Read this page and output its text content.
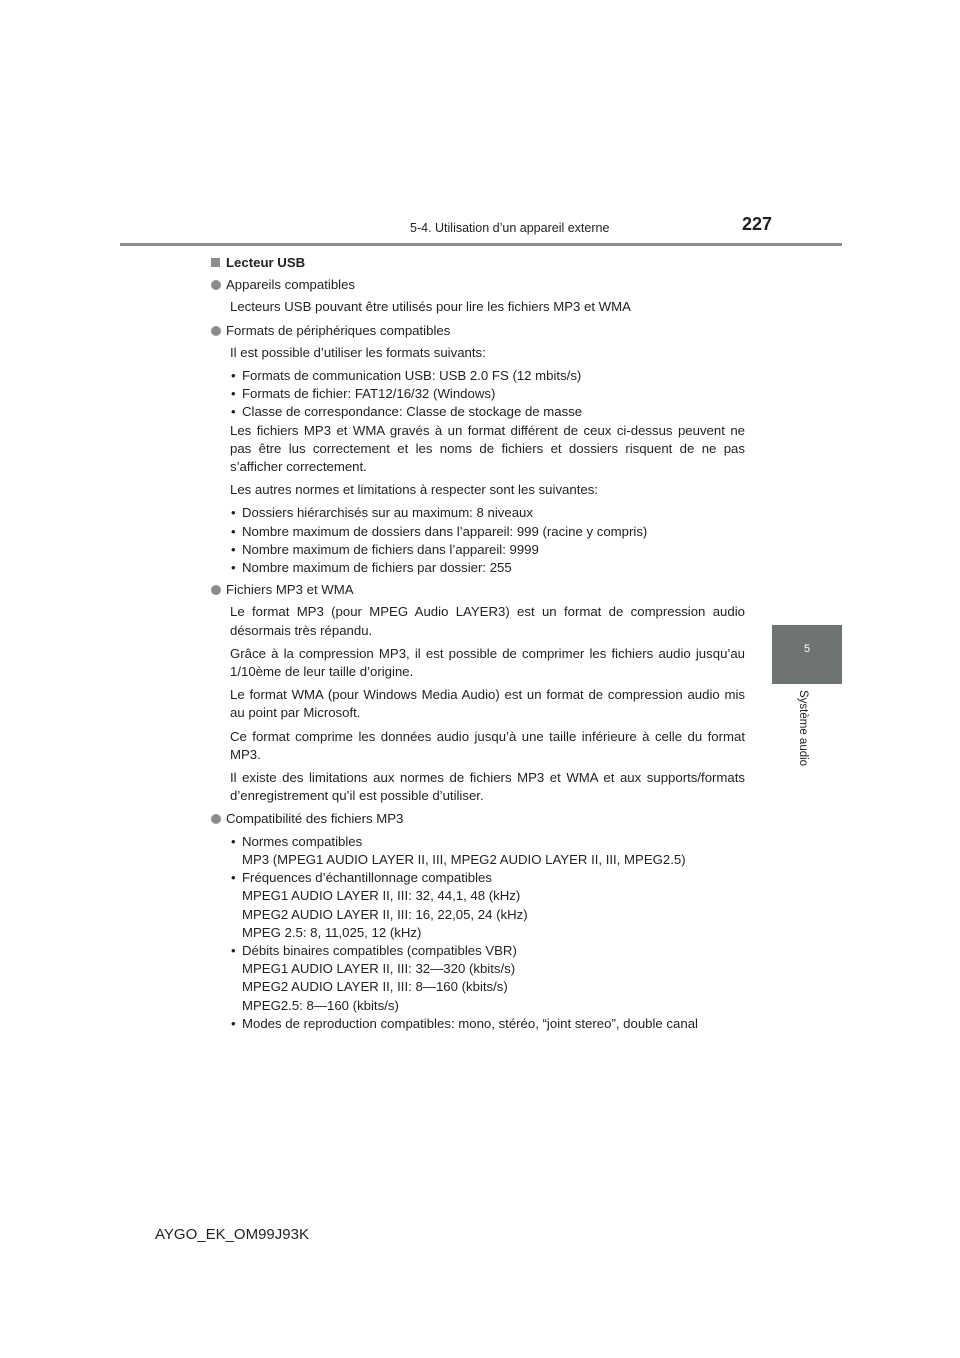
5-4. Utilisation d’un appareil externe	227
5
Système audio
Lecteur USB
Appareils compatibles
Lecteurs USB pouvant être utilisés pour lire les fichiers MP3 et WMA
Formats de périphériques compatibles
Il est possible d’utiliser les formats suivants:
• Formats de communication USB: USB 2.0 FS (12 mbits/s)
• Formats de fichier: FAT12/16/32 (Windows)
• Classe de correspondance: Classe de stockage de masse
Les fichiers MP3 et WMA gravés à un format différent de ceux ci-dessus peuvent ne pas être lus correctement et les noms de fichiers et dossiers risquent de ne pas s’afficher correctement.
Les autres normes et limitations à respecter sont les suivantes:
• Dossiers hiérarchisés sur au maximum: 8 niveaux
• Nombre maximum de dossiers dans l’appareil: 999 (racine y compris)
• Nombre maximum de fichiers dans l’appareil: 9999
• Nombre maximum de fichiers par dossier: 255
Fichiers MP3 et WMA
Le format MP3 (pour MPEG Audio LAYER3) est un format de compression audio désormais très répandu.
Grâce à la compression MP3, il est possible de comprimer les fichiers audio jusqu’au 1/10ème de leur taille d’origine.
Le format WMA (pour Windows Media Audio) est un format de compression audio mis au point par Microsoft.
Ce format comprime les données audio jusqu’à une taille inférieure à celle du format MP3.
Il existe des limitations aux normes de fichiers MP3 et WMA et aux supports/formats d’enregistrement qu’il est possible d’utiliser.
Compatibilité des fichiers MP3
• Normes compatibles
MP3 (MPEG1 AUDIO LAYER II, III, MPEG2 AUDIO LAYER II, III, MPEG2.5)
• Fréquences d’échantillonnage compatibles
MPEG1 AUDIO LAYER II, III: 32, 44,1, 48 (kHz)
MPEG2 AUDIO LAYER II, III: 16, 22,05, 24 (kHz)
MPEG 2.5: 8, 11,025, 12 (kHz)
• Débits binaires compatibles (compatibles VBR)
MPEG1 AUDIO LAYER II, III: 32—320 (kbits/s)
MPEG2 AUDIO LAYER II, III: 8—160 (kbits/s)
MPEG2.5: 8—160 (kbits/s)
• Modes de reproduction compatibles: mono, stéréo, “joint stereo”, double canal
AYGO_EK_OM99J93K
